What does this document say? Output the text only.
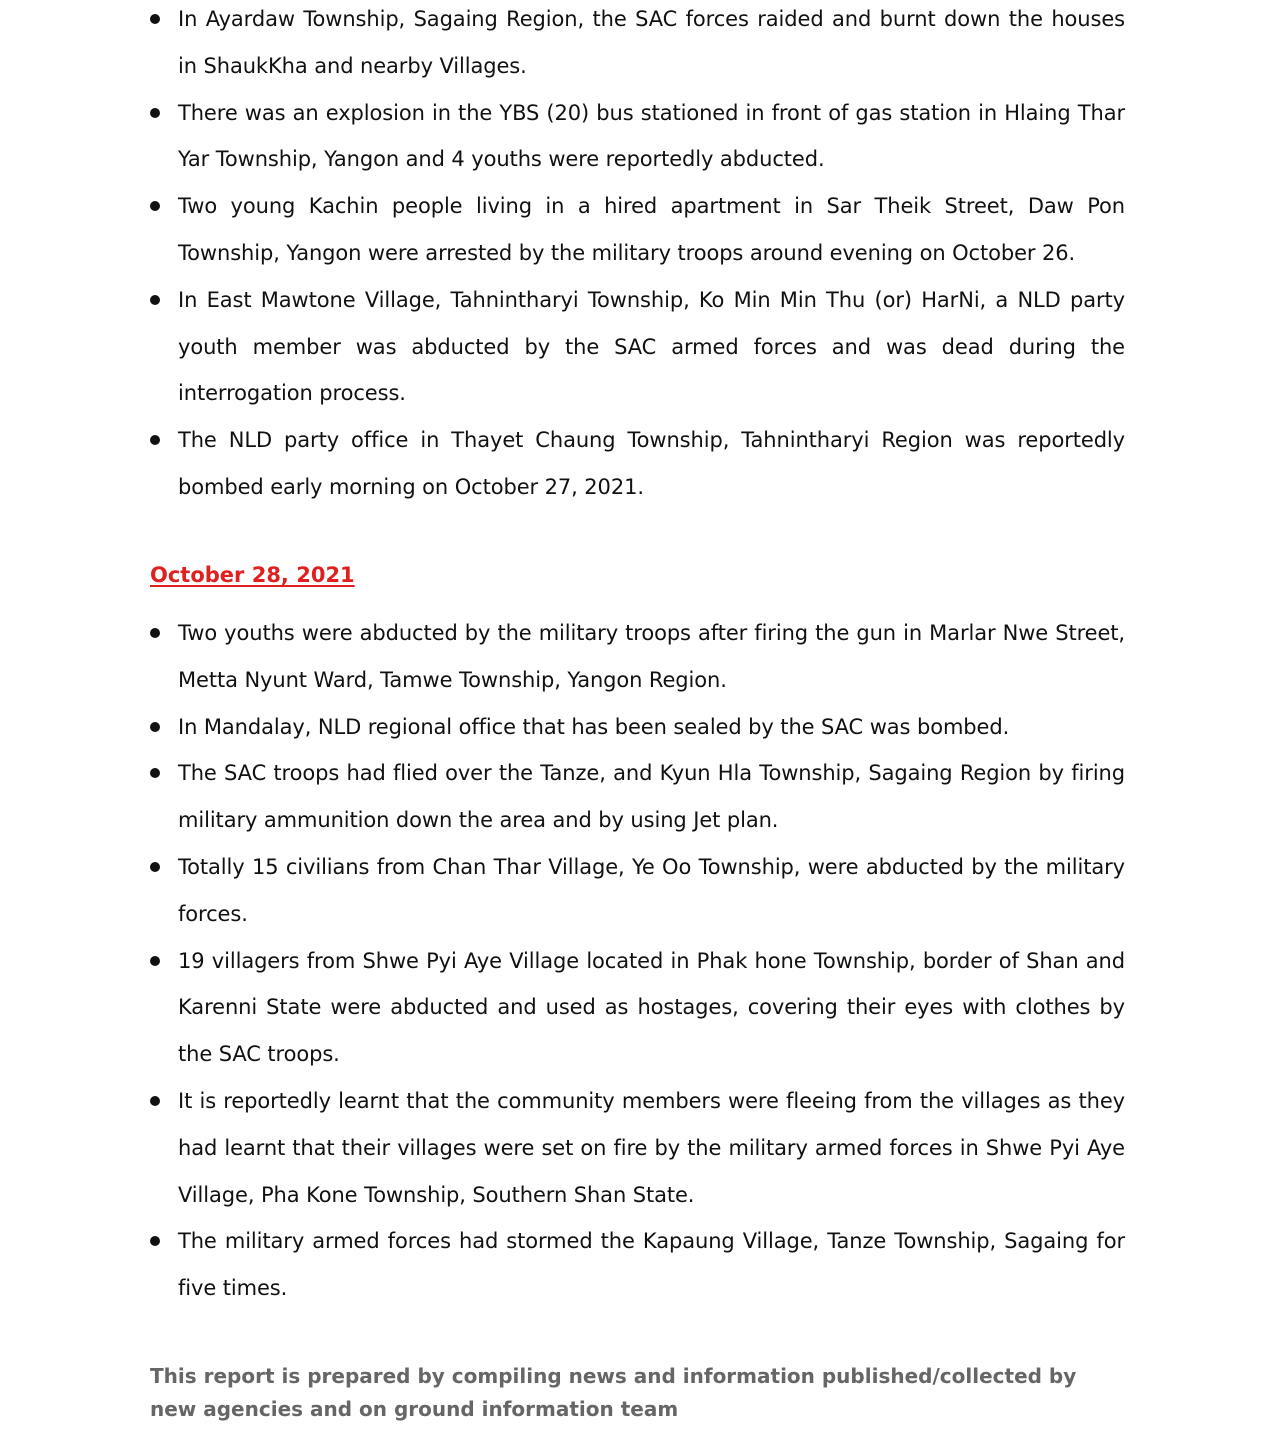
In Ayardaw Township, Sagaing Region, the SAC forces raided and burnt down the houses in ShaukKha and nearby Villages.
There was an explosion in the YBS (20) bus stationed in front of gas station in Hlaing Thar Yar Township, Yangon and 4 youths were reportedly abducted.
Two young Kachin people living in a hired apartment in Sar Theik Street, Daw Pon Township, Yangon were arrested by the military troops around evening on October 26.
In East Mawtone Village, Tahnintharyi Township, Ko Min Min Thu (or) HarNi, a NLD party youth member was abducted by the SAC armed forces and was dead during the interrogation process.
The NLD party office in Thayet Chaung Township, Tahnintharyi Region was reportedly bombed early morning on October 27, 2021.
October 28, 2021
Two youths were abducted by the military troops after firing the gun in Marlar Nwe Street, Metta Nyunt Ward, Tamwe Township, Yangon Region.
In Mandalay, NLD regional office that has been sealed by the SAC was bombed.
The SAC troops had flied over the Tanze, and Kyun Hla Township, Sagaing Region by firing military ammunition down the area and by using Jet plan.
Totally 15 civilians from Chan Thar Village, Ye Oo Township, were abducted by the military forces.
19 villagers from Shwe Pyi Aye Village located in Phak hone Township, border of Shan and Karenni State were abducted and used as hostages, covering their eyes with clothes by the SAC troops.
It is reportedly learnt that the community members were fleeing from the villages as they had learnt that their villages were set on fire by the military armed forces in Shwe Pyi Aye Village, Pha Kone Township, Southern Shan State.
The military armed forces had stormed the Kapaung Village, Tanze Township, Sagaing for five times.
This report is prepared by compiling news and information published/collected by new agencies and on ground information team
